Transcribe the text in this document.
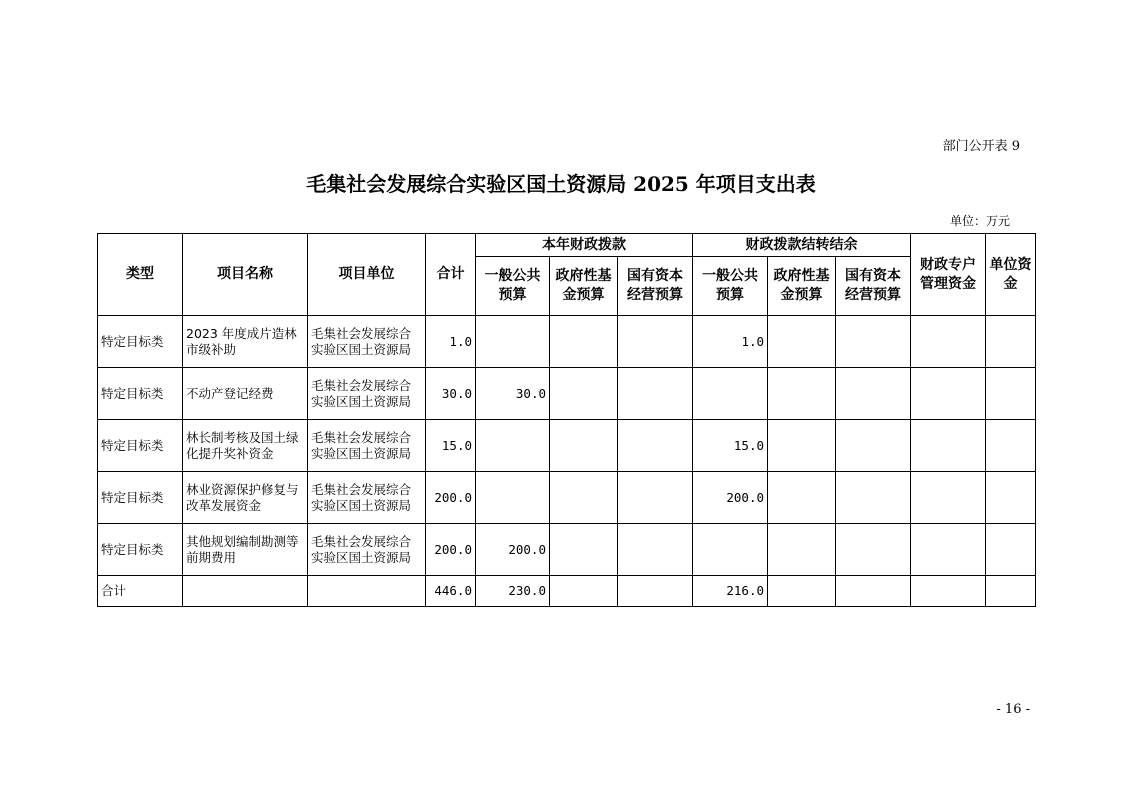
部门公开表 9
毛集社会发展综合实验区国土资源局 2025 年项目支出表
单位：万元
类型	项目名称	项目单位	合计	本年财政拨款			财政拨款结转结余			财政专户管理资金	单位资金
				一般公共预算	政府性基金预算	国有资本经营预算	一般公共预算	政府性基金预算	国有资本经营预算		
特定目标类	2023 年度成片造林市级补助	毛集社会发展综合实验区国土资源局	1.0				1.0				
特定目标类	不动产登记经费	毛集社会发展综合实验区国土资源局	30.0	30.0							
特定目标类	林长制考核及国土绿化提升奖补资金	毛集社会发展综合实验区国土资源局	15.0				15.0				
特定目标类	林业资源保护修复与改革发展资金	毛集社会发展综合实验区国土资源局	200.0				200.0				
特定目标类	其他规划编制勘测等前期费用	毛集社会发展综合实验区国土资源局	200.0	200.0							
合计			446.0	230.0			216.0				
- 16 -
